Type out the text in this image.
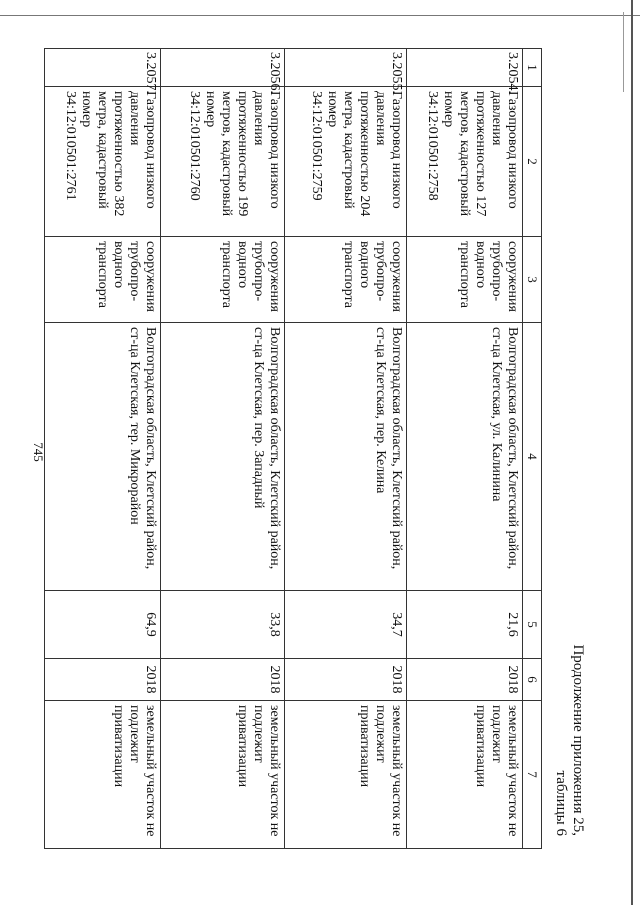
745
Продолжение приложения 25,
таблицы 6
1	2	3	4	5	6	7
3.2054.	Газопровод низкого давления протяженностью 127 метров, кадастровый номер 34:12:010501:2758	сооружения трубопро- водного транспорта	Волгоградская область, Клетский район, ст-ца Клетская, ул. Калинина	21,6	2018	земельный участок не подлежит приватизации
3.2055.	Газопровод низкого давления протяженностью 204 метра, кадастровый номер 34:12:010501:2759	сооружения трубопро- водного транспорта	Волгоградская область, Клетский район, ст-ца Клетская, пер. Келина	34,7	2018	земельный участок не подлежит приватизации
3.2056.	Газопровод низкого давления протяженностью 199 метров, кадастровый номер 34:12:010501:2760	сооружения трубопро- водного транспорта	Волгоградская область, Клетский район, ст-ца Клетская, пер. Западный	33,8	2018	земельный участок не подлежит приватизации
3.2057.	Газопровод низкого давления протяженностью 382 метра, кадастровый номер 34:12:010501:2761	сооружения трубопро- водного транспорта	Волгоградская область, Клетский район, ст-ца Клетская, тер. Микрорайон	64,9	2018	земельный участок не подлежит приватизации
